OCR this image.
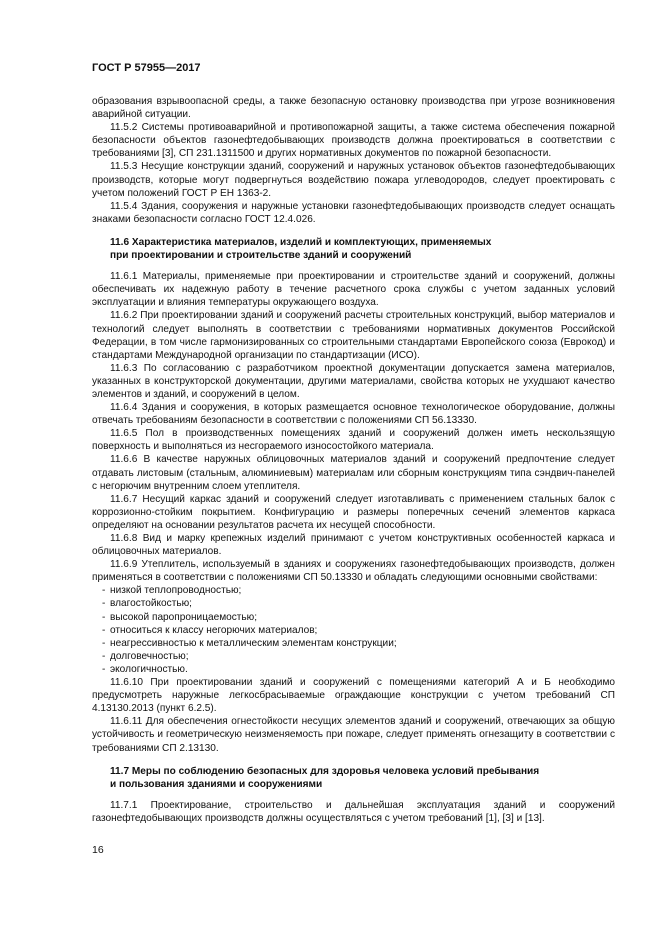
ГОСТ Р 57955—2017

образования взрывоопасной среды, а также безопасную остановку производства при угрозе возникновения аварийной ситуации.

11.5.2 Системы противоаварийной и противопожарной защиты, а также система обеспечения пожарной безопасности объектов газонефтедобывающих производств должна проектироваться в соответствии с требованиями [3], СП 231.1311500 и других нормативных документов по пожарной безопасности.

11.5.3 Несущие конструкции зданий, сооружений и наружных установок объектов газонефтедобывающих производств, которые могут подвергнуться воздействию пожара углеводородов, следует проектировать с учетом положений ГОСТ Р ЕН 1363-2.

11.5.4 Здания, сооружения и наружные установки газонефтедобывающих производств следует оснащать знаками безопасности согласно ГОСТ 12.4.026.

11.6 Характеристика материалов, изделий и комплектующих, применяемых
при проектировании и строительстве зданий и сооружений

11.6.1 Материалы, применяемые при проектировании и строительстве зданий и сооружений, должны обеспечивать их надежную работу в течение расчетного срока службы с учетом заданных условий эксплуатации и влияния температуры окружающего воздуха.

11.6.2 При проектировании зданий и сооружений расчеты строительных конструкций, выбор материалов и технологий следует выполнять в соответствии с требованиями нормативных документов Российской Федерации, в том числе гармонизированных со строительными стандартами Европейского союза (Еврокод) и стандартами Международной организации по стандартизации (ИСО).

11.6.3 По согласованию с разработчиком проектной документации допускается замена материалов, указанных в конструкторской документации, другими материалами, свойства которых не ухудшают качество элементов и зданий, и сооружений в целом.

11.6.4 Здания и сооружения, в которых размещается основное технологическое оборудование, должны отвечать требованиям безопасности в соответствии с положениями СП 56.13330.

11.6.5 Пол в производственных помещениях зданий и сооружений должен иметь нескользящую поверхность и выполняться из несгораемого износостойкого материала.

11.6.6 В качестве наружных облицовочных материалов зданий и сооружений предпочтение следует отдавать листовым (стальным, алюминиевым) материалам или сборным конструкциям типа сэндвич-панелей с негорючим внутренним слоем утеплителя.

11.6.7 Несущий каркас зданий и сооружений следует изготавливать с применением стальных балок с коррозионно-стойким покрытием. Конфигурацию и размеры поперечных сечений элементов каркаса определяют на основании результатов расчета их несущей способности.

11.6.8 Вид и марку крепежных изделий принимают с учетом конструктивных особенностей каркаса и облицовочных материалов.

11.6.9 Утеплитель, используемый в зданиях и сооружениях газонефтедобывающих производств, должен применяться в соответствии с положениями СП 50.13330 и обладать следующими основными свойствами:

- низкой теплопроводностью;
- влагостойкостью;
- высокой паропроницаемостью;
- относиться к классу негорючих материалов;
- неагрессивностью к металлическим элементам конструкции;
- долговечностью;
- экологичностью.

11.6.10 При проектировании зданий и сооружений с помещениями категорий А и Б необходимо предусмотреть наружные легкосбрасываемые ограждающие конструкции с учетом требований СП 4.13130.2013 (пункт 6.2.5).

11.6.11 Для обеспечения огнестойкости несущих элементов зданий и сооружений, отвечающих за общую устойчивость и геометрическую неизменяемость при пожаре, следует применять огнезащиту в соответствии с требованиями СП 2.13130.

11.7 Меры по соблюдению безопасных для здоровья человека условий пребывания
и пользования зданиями и сооружениями

11.7.1 Проектирование, строительство и дальнейшая эксплуатация зданий и сооружений газонефтедобывающих производств должны осуществляться с учетом требований [1], [3] и [13].

16
